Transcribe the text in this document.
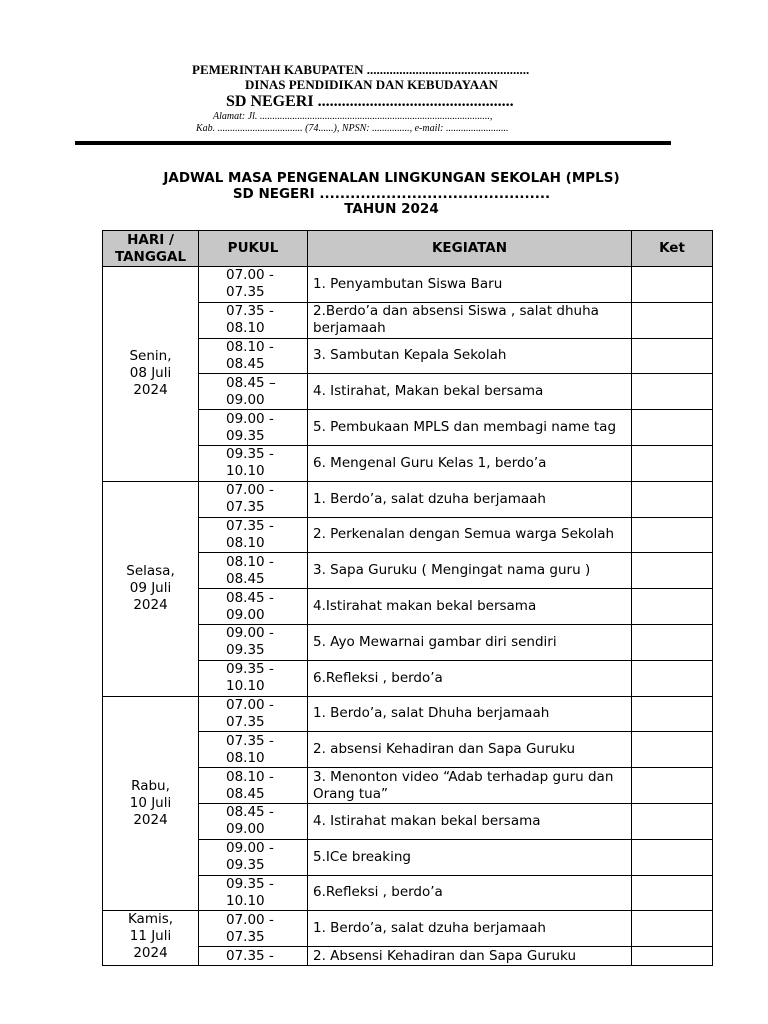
PEMERINTAH KABUPATEN ..................................................
DINAS PENDIDIKAN DAN KEBUDAYAAN
SD NEGERI .................................................
Alamat: Jl. ............................................................................................,
Kab. .................................. (74......), NPSN: ..............., e-mail: .........................
JADWAL MASA PENGENALAN LINGKUNGAN SEKOLAH (MPLS)
SD NEGERI .............................................
TAHUN 2024
HARI / TANGGAL	PUKUL	KEGIATAN	Ket
Senin,
08 Juli
2024	07.00 - 07.35	1. Penyambutan Siswa Baru	
	07.35 - 08.10	2.Berdo’a dan absensi Siswa , salat dhuha berjamaah	
	08.10 - 08.45	3. Sambutan Kepala Sekolah	
	08.45 – 09.00	4. Istirahat, Makan bekal bersama	
	09.00 - 09.35	5. Pembukaan MPLS dan membagi name tag	
	09.35 - 10.10	6. Mengenal Guru Kelas 1, berdo’a	
Selasa,
09 Juli
2024	07.00 - 07.35	1. Berdo’a, salat dzuha berjamaah	
	07.35 - 08.10	2. Perkenalan dengan Semua warga Sekolah	
	08.10 - 08.45	3. Sapa Guruku ( Mengingat nama guru )	
	08.45 - 09.00	4.Istirahat makan bekal bersama	
	09.00 - 09.35	5. Ayo Mewarnai gambar diri sendiri	
	09.35 - 10.10	6.Refleksi , berdo’a	
Rabu,
10 Juli
2024	07.00 - 07.35	1. Berdo’a, salat Dhuha berjamaah	
	07.35 - 08.10	2. absensi Kehadiran dan Sapa Guruku	
	08.10 - 08.45	3. Menonton video “Adab terhadap guru dan Orang tua”	
	08.45 - 09.00	4. Istirahat makan bekal bersama	
	09.00 - 09.35	5.ICe breaking	
	09.35 - 10.10	6.Refleksi , berdo’a	
Kamis,
11 Juli
2024	07.00 - 07.35	1. Berdo’a, salat dzuha berjamaah	
	07.35 -	2. Absensi Kehadiran dan Sapa Guruku	
